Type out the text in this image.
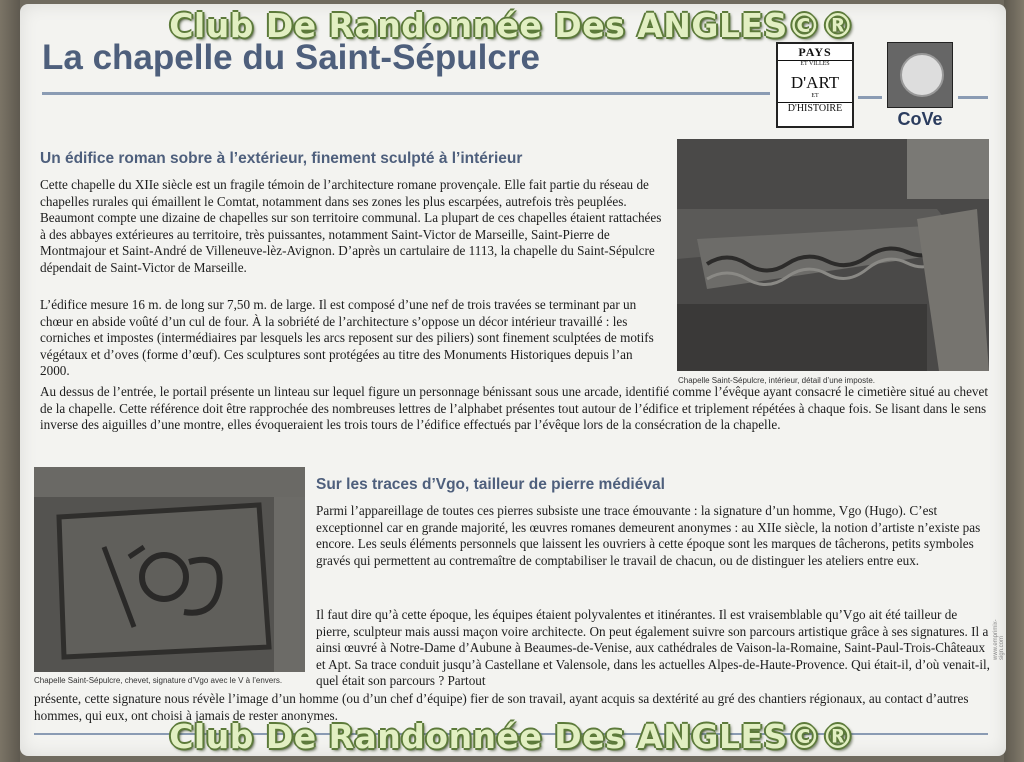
Club De Randonnée Des ANGLES©®
La chapelle du Saint-Sépulcre	PAYS
ET VILLES
D'ART
ET
D'HISTOIRE
CoVe
Un édifice roman sobre à l’extérieur, finement sculpté à l’intérieur

Cette chapelle du XIIe siècle est un fragile témoin de l’architecture romane provençale. Elle fait partie du réseau de chapelles rurales qui émaillent le Comtat, notamment dans ses zones les plus escarpées, autrefois très peuplées. Beaumont compte une dizaine de chapelles sur son territoire communal. La plupart de ces chapelles étaient rattachées à des abbayes extérieures au territoire, très puissantes, notamment Saint-Victor de Marseille, Saint-Pierre de Montmajour et Saint-André de Villeneuve-lèz-Avignon. D’après un cartulaire de 1113, la chapelle du Saint-Sépulcre dépendait de Saint-Victor de Marseille.

L’édifice mesure 16 m. de long sur 7,50 m. de large. Il est composé d’une nef de trois travées se terminant par un chœur en abside voûté d’un cul de four. À la sobriété de l’architecture s’oppose un décor intérieur travaillé : les corniches et impostes (intermédiaires par lesquels les arcs reposent sur des piliers) sont finement sculptées de motifs végétaux et d’oves (forme d’œuf). Ces sculptures sont protégées au titre des Monuments Historiques depuis l’an 2000.

Au dessus de l’entrée, le portail présente un linteau sur lequel figure un personnage bénissant sous une arcade, identifié comme l’évêque ayant consacré le cimetière situé au chevet de la chapelle. Cette référence doit être rapprochée des nombreuses lettres de l’alphabet présentes tout autour de l’édifice et triplement répétées à chaque fois. Se lisant dans le sens inverse des aiguilles d’une montre, elles évoqueraient les trois tours de l’édifice effectués par l’évêque lors de la consécration de la chapelle.

Chapelle Saint-Sépulcre, intérieur, détail d’une imposte.
Chapelle Saint-Sépulcre, chevet, signature d’Vgo avec le V à l’envers.
Sur les traces d’Vgo, tailleur de pierre médiéval

Parmi l’appareillage de toutes ces pierres subsiste une trace émouvante : la signature d’un homme, Vgo (Hugo). C’est exceptionnel car en grande majorité, les œuvres romanes demeurent anonymes : au XIIe siècle, la notion d’artiste n’existe pas encore. Les seuls éléments personnels que laissent les ouvriers à cette époque sont les marques de tâcherons, petits symboles gravés qui permettent au contremaître de comptabiliser le travail de chacun, ou de distinguer les ateliers entre eux.

Il faut dire qu’à cette époque, les équipes étaient polyvalentes et itinérantes. Il est vraisemblable qu’Vgo ait été tailleur de pierre, sculpteur mais aussi maçon voire architecte. On peut également suivre son parcours artistique grâce à ses signatures. Il a ainsi œuvré à Notre-Dame d’Aubune à Beaumes-de-Venise, aux cathédrales de Vaison-la-Romaine, Saint-Paul-Trois-Châteaux et Apt. Sa trace conduit jusqu’à Castellane et Valensole, dans les actuelles Alpes-de-Haute-Provence. Qui était-il, d’où venait-il, quel était son parcours ? Partout

présente, cette signature nous révèle l’image d’un homme (ou d’un chef d’équipe) fier de son travail, ayant acquis sa dextérité au gré des chantiers régionaux, au contact d’autres hommes, qui eux, ont choisi à jamais de rester anonymes.

www.emprimix-sign.com
Club De Randonnée Des ANGLES©®
